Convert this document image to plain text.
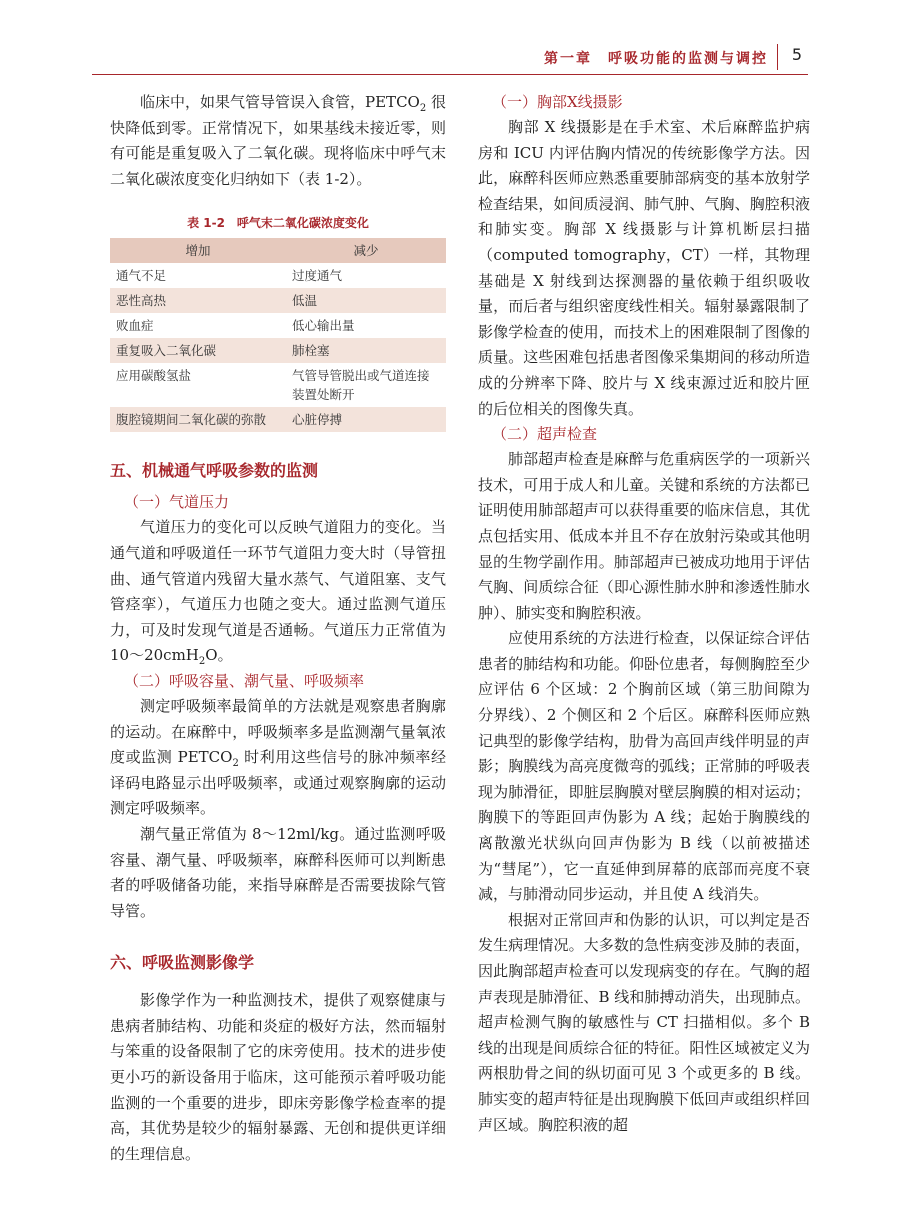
第一章　呼吸功能的监测与调控 5

临床中，如果气管导管误入食管，$PETCO_2$ 很快降低到零。正常情况下，如果基线未接近零，则有可能是重复吸入了二氧化碳。现将临床中呼气末二氧化碳浓度变化归纳如下（表 1-2）。

表 1-2　呼气末二氧化碳浓度变化
增加	减少
通气不足	过度通气
恶性高热	低温
败血症	低心输出量
重复吸入二氧化碳	肺栓塞
应用碳酸氢盐	气管导管脱出或气道连接装置处断开
腹腔镜期间二氧化碳的弥散	心脏停搏
五、机械通气呼吸参数的监测
（一）气道压力

气道压力的变化可以反映气道阻力的变化。当通气道和呼吸道任一环节气道阻力变大时（导管扭曲、通气管道内残留大量水蒸气、气道阻塞、支气管痉挛），气道压力也随之变大。通过监测气道压力，可及时发现气道是否通畅。气道压力正常值为 10～20cmH$_2$O。

（二）呼吸容量、潮气量、呼吸频率

测定呼吸频率最简单的方法就是观察患者胸廓的运动。在麻醉中，呼吸频率多是监测潮气量氧浓度或监测 $PETCO_2$ 时利用这些信号的脉冲频率经译码电路显示出呼吸频率，或通过观察胸廓的运动测定呼吸频率。

潮气量正常值为 8～12ml/kg。通过监测呼吸容量、潮气量、呼吸频率，麻醉科医师可以判断患者的呼吸储备功能，来指导麻醉是否需要拔除气管导管。

六、呼吸监测影像学

影像学作为一种监测技术，提供了观察健康与患病者肺结构、功能和炎症的极好方法，然而辐射与笨重的设备限制了它的床旁使用。技术的进步使更小巧的新设备用于临床，这可能预示着呼吸功能监测的一个重要的进步，即床旁影像学检查率的提高，其优势是较少的辐射暴露、无创和提供更详细的生理信息。

（一）胸部X线摄影

胸部 X 线摄影是在手术室、术后麻醉监护病房和 ICU 内评估胸内情况的传统影像学方法。因此，麻醉科医师应熟悉重要肺部病变的基本放射学检查结果，如间质浸润、肺气肿、气胸、胸腔积液和肺实变。胸部 X 线摄影与计算机断层扫描（computed tomography，CT）一样，其物理基础是 X 射线到达探测器的量依赖于组织吸收量，而后者与组织密度线性相关。辐射暴露限制了影像学检查的使用，而技术上的困难限制了图像的质量。这些困难包括患者图像采集期间的移动所造成的分辨率下降、胶片与 X 线束源过近和胶片匣的后位相关的图像失真。

（二）超声检查

肺部超声检查是麻醉与危重病医学的一项新兴技术，可用于成人和儿童。关键和系统的方法都已证明使用肺部超声可以获得重要的临床信息，其优点包括实用、低成本并且不存在放射污染或其他明显的生物学副作用。肺部超声已被成功地用于评估气胸、间质综合征（即心源性肺水肿和渗透性肺水肿）、肺实变和胸腔积液。

应使用系统的方法进行检查，以保证综合评估患者的肺结构和功能。仰卧位患者，每侧胸腔至少应评估 6 个区域：2 个胸前区域（第三肋间隙为分界线）、2 个侧区和 2 个后区。麻醉科医师应熟记典型的影像学结构，肋骨为高回声线伴明显的声影；胸膜线为高亮度微弯的弧线；正常肺的呼吸表现为肺滑征，即脏层胸膜对壁层胸膜的相对运动；胸膜下的等距回声伪影为 A 线；起始于胸膜线的离散激光状纵向回声伪影为 B 线（以前被描述为“彗尾”），它一直延伸到屏幕的底部而亮度不衰减，与肺滑动同步运动，并且使 A 线消失。

根据对正常回声和伪影的认识，可以判定是否发生病理情况。大多数的急性病变涉及肺的表面，因此胸部超声检查可以发现病变的存在。气胸的超声表现是肺滑征、B 线和肺搏动消失，出现肺点。超声检测气胸的敏感性与 CT 扫描相似。多个 B 线的出现是间质综合征的特征。阳性区域被定义为两根肋骨之间的纵切面可见 3 个或更多的 B 线。肺实变的超声特征是出现胸膜下低回声或组织样回声区域。胸腔积液的超
